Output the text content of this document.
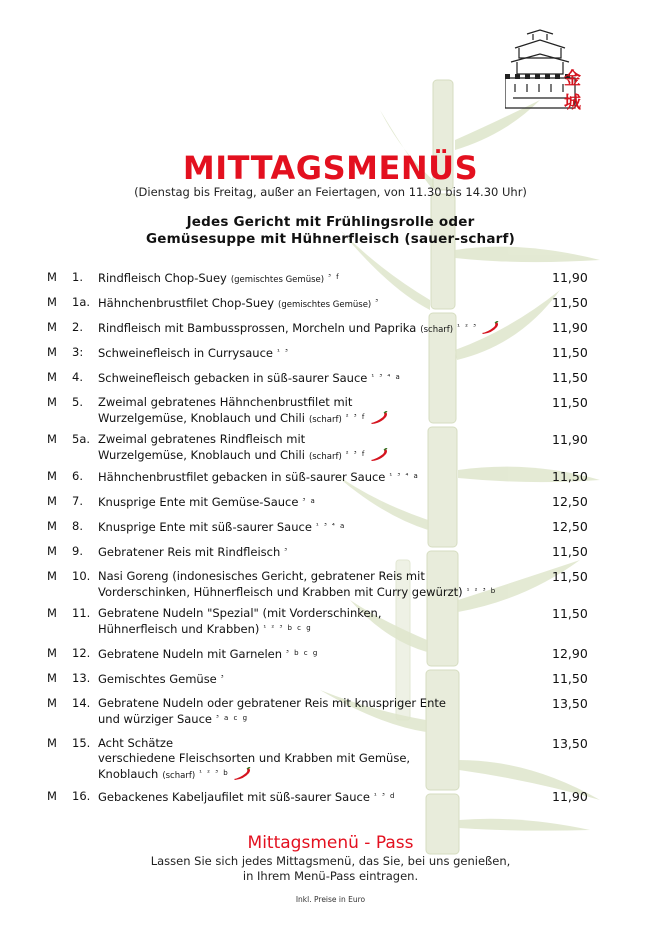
金
城
MITTAGSMENÜS
(Dienstag bis Freitag, außer an Feiertagen, von 11.30 bis 14.30 Uhr)
Jedes Gericht mit Frühlingsrolle oder
Gemüsesuppe mit Hühnerfleisch (sauer-scharf)
M 1. Rindfleisch Chop-Suey (gemischtes Gemüse) $^{^3 f}$	11,90
M 1a. Hähnchenbrustfilet Chop-Suey (gemischtes Gemüse) $^{^3}$	11,50
M 2. Rindfleisch mit Bambussprossen, Morcheln und Paprika (scharf) $^{^1 ^2 ^3}$	11,90
M 3: Schweinefleisch in Currysauce $^{^1 ^3}$	11,50
M 4. Schweinefleisch gebacken in süß-saurer Sauce $^{^1 ^3 ^4 a}$	11,50
M 5. Zweimal gebratenes Hähnchenbrustfilet mit
Wurzelgemüse, Knoblauch und Chili (scharf) $^{^2 ^3 f}$
11,50
M 5a. Zweimal gebratenes Rindfleisch mit
Wurzelgemüse, Knoblauch und Chili (scharf) $^{^2 ^3 f}$
11,90
M 6. Hähnchenbrustfilet gebacken in süß-saurer Sauce $^{^1 ^3 ^4 a}$	11,50
M 7. Knusprige Ente mit Gemüse-Sauce $^{^3 a}$	12,50
M 8. Knusprige Ente mit süß-saurer Sauce $^{^1 ^3 ^4 a}$	12,50
M 9. Gebratener Reis mit Rindfleisch $^{^3}$	11,50
M 10. Nasi Goreng (indonesisches Gericht, gebratener Reis mit
Vorderschinken, Hühnerfleisch und Krabben mit Curry gewürzt) $^{^1 ^2 ^3 b}$
11,50
M 11. Gebratene Nudeln "Spezial" (mit Vorderschinken,
Hühnerfleisch und Krabben) $^{^1 ^2 ^3 b c g}$
11,50
M 12. Gebratene Nudeln mit Garnelen $^{^3 b c g}$	12,90
M 13. Gemischtes Gemüse $^{^3}$	11,50
M 14. Gebratene Nudeln oder gebratener Reis mit knuspriger Ente
und würziger Sauce $^{^3 a c g}$
13,50
M 15. Acht Schätze
verschiedene Fleischsorten und Krabben mit Gemüse,
Knoblauch (scharf) $^{^1 ^2 ^3 b}$
13,50
M 16. Gebackenes Kabeljaufilet mit süß-saurer Sauce $^{^1 ^3 d}$	11,90
Mittagsmenü - Pass
Lassen Sie sich jedes Mittagsmenü, das Sie, bei uns genießen,
in Ihrem Menü-Pass eintragen.
Inkl. Preise in Euro
